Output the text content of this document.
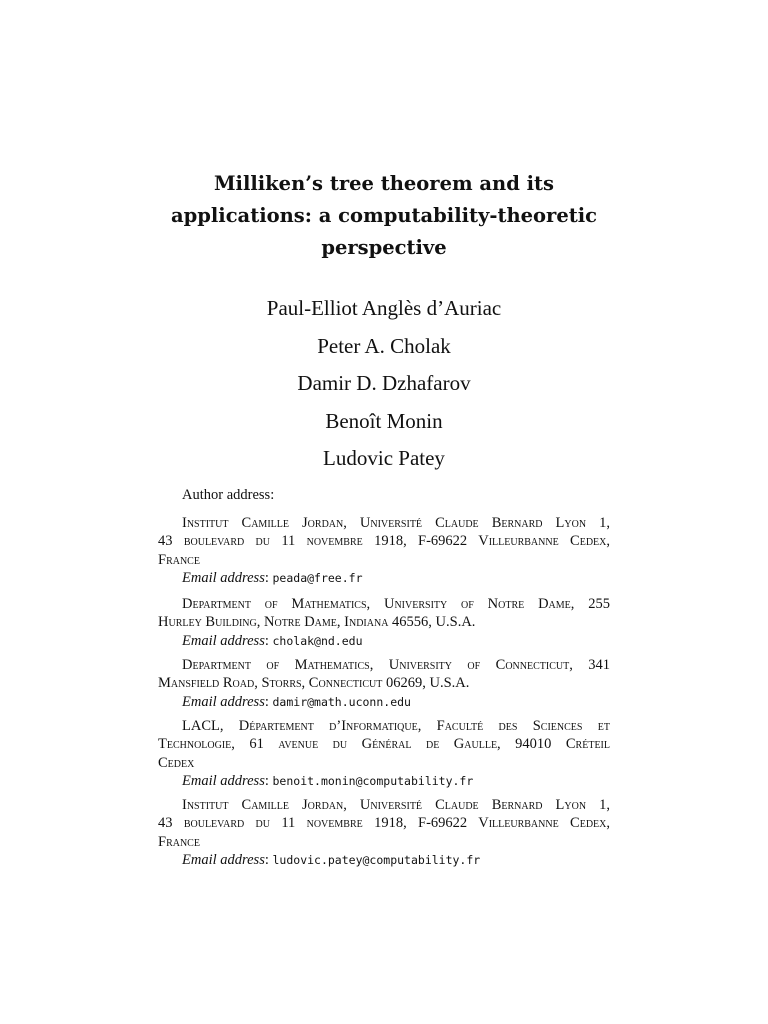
Milliken’s tree theorem and its
applications: a computability-theoretic
perspective
Paul-Elliot Anglès d’Auriac
Peter A. Cholak
Damir D. Dzhafarov
Benoît Monin
Ludovic Patey
Author address:
Institut Camille Jordan, Université Claude Bernard Lyon 1,
43 boulevard du 11 novembre 1918, F-69622 Villeurbanne Cedex,
France
Email address: peada@free.fr
Department of Mathematics, University of Notre Dame, 255
Hurley Building, Notre Dame, Indiana 46556, U.S.A.
Email address: cholak@nd.edu
Department of Mathematics, University of Connecticut, 341
Mansfield Road, Storrs, Connecticut 06269, U.S.A.
Email address: damir@math.uconn.edu
LACL, Département d’Informatique, Faculté des Sciences et
Technologie, 61 avenue du Général de Gaulle, 94010 Créteil
Cedex
Email address: benoit.monin@computability.fr
Institut Camille Jordan, Université Claude Bernard Lyon 1,
43 boulevard du 11 novembre 1918, F-69622 Villeurbanne Cedex,
France
Email address: ludovic.patey@computability.fr
